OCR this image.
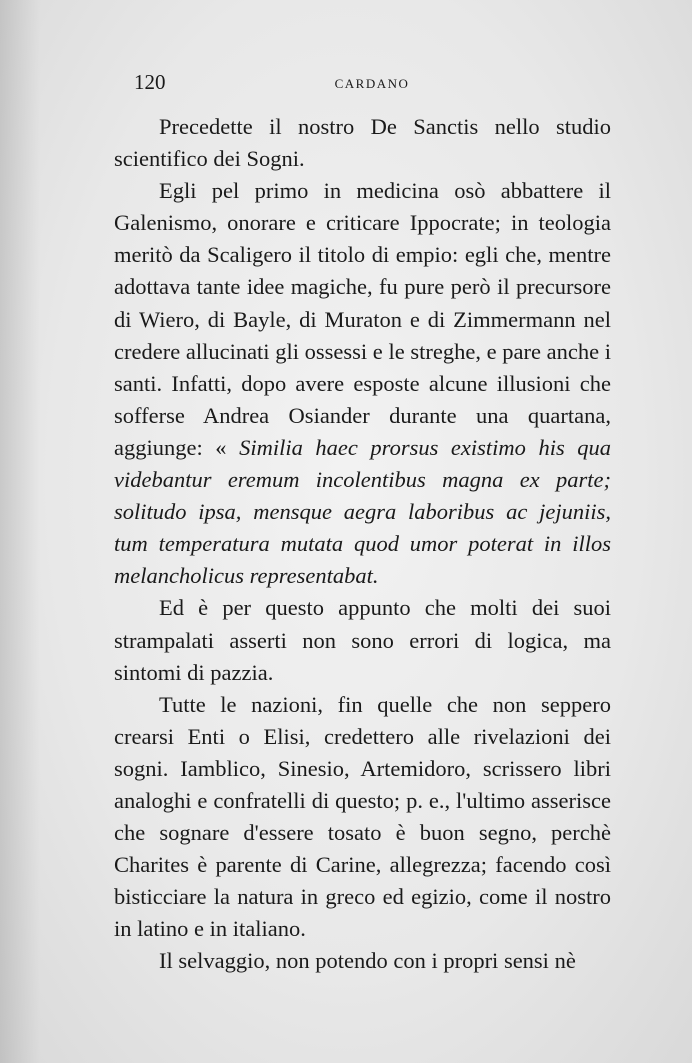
120	CARDANO

Precedette il nostro De Sanctis nello studio scientifico dei Sogni.

Egli pel primo in medicina osò abbattere il Galenismo, onorare e criticare Ippocrate; in teologia meritò da Scaligero il titolo di empio: egli che, mentre adottava tante idee magiche, fu pure però il precursore di Wiero, di Bayle, di Muraton e di Zimmermann nel credere allucinati gli ossessi e le streghe, e pare anche i santi. Infatti, dopo avere esposte alcune illusioni che sofferse Andrea Osiander durante una quartana, aggiunge: « Similia haec prorsus existimo his qua videbantur eremum incolentibus magna ex parte; solitudo ipsa, mensque aegra laboribus ac jejuniis, tum temperatura mutata quod umor poterat in illos melancholicus representabat.

Ed è per questo appunto che molti dei suoi strampalati asserti non sono errori di logica, ma sintomi di pazzia.

Tutte le nazioni, fin quelle che non seppero crearsi Enti o Elisi, credettero alle rivelazioni dei sogni. Iamblico, Sinesio, Artemidoro, scrissero libri analoghi e confratelli di questo; p. e., l'ultimo asserisce che sognare d'essere tosato è buon segno, perchè Charites è parente di Carine, allegrezza; facendo così bisticciare la natura in greco ed egizio, come il nostro in latino e in italiano.

Il selvaggio, non potendo con i propri sensi nè
